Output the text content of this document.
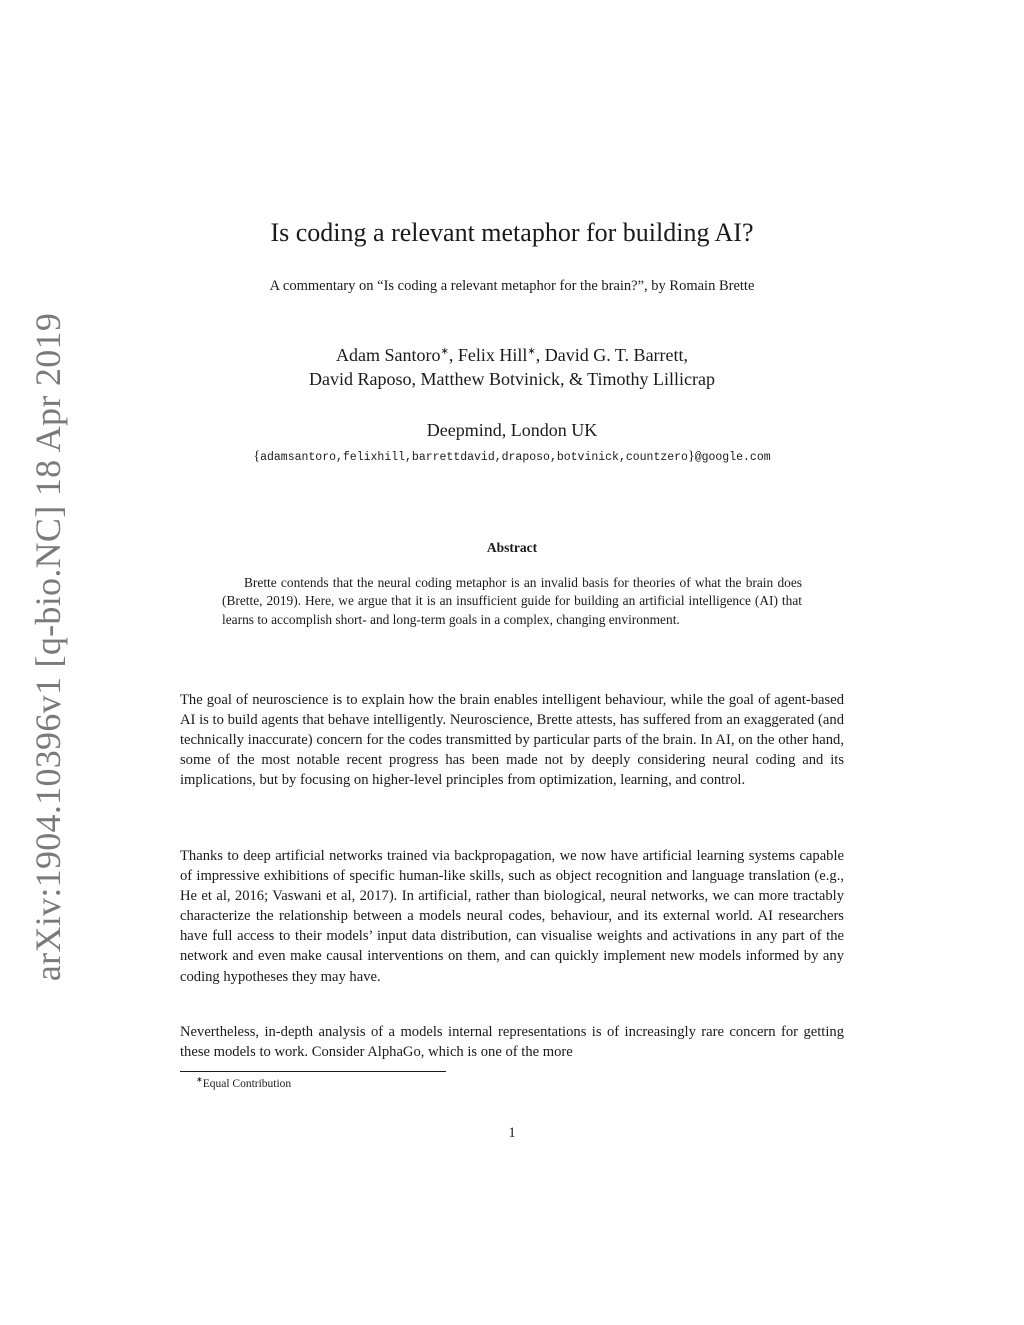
arXiv:1904.10396v1 [q-bio.NC] 18 Apr 2019
Is coding a relevant metaphor for building AI?
A commentary on “Is coding a relevant metaphor for the brain?”, by Romain Brette
Adam Santoro∗, Felix Hill∗, David G. T. Barrett,
David Raposo, Matthew Botvinick, & Timothy Lillicrap
Deepmind, London UK
{adamsantoro,felixhill,barrettdavid,draposo,botvinick,countzero}@google.com
Abstract
Brette contends that the neural coding metaphor is an invalid basis for theories of what the brain does (Brette, 2019). Here, we argue that it is an insufficient guide for building an artificial intelligence (AI) that learns to accomplish short- and long-term goals in a complex, changing environment.
The goal of neuroscience is to explain how the brain enables intelligent behaviour, while the goal of agent-based AI is to build agents that behave intelligently. Neuroscience, Brette attests, has suffered from an exaggerated (and technically inaccurate) concern for the codes transmitted by particular parts of the brain. In AI, on the other hand, some of the most notable recent progress has been made not by deeply considering neural coding and its implications, but by focusing on higher-level principles from optimization, learning, and control.
Thanks to deep artificial networks trained via backpropagation, we now have artificial learning systems capable of impressive exhibitions of specific human-like skills, such as object recognition and language translation (e.g., He et al, 2016; Vaswani et al, 2017). In artificial, rather than biological, neural networks, we can more tractably characterize the relationship between a models neural codes, behaviour, and its external world. AI researchers have full access to their models’ input data distribution, can visualise weights and activations in any part of the network and even make causal interventions on them, and can quickly implement new models informed by any coding hypotheses they may have.
Nevertheless, in-depth analysis of a models internal representations is of increasingly rare concern for getting these models to work. Consider AlphaGo, which is one of the more
∗Equal Contribution
1
